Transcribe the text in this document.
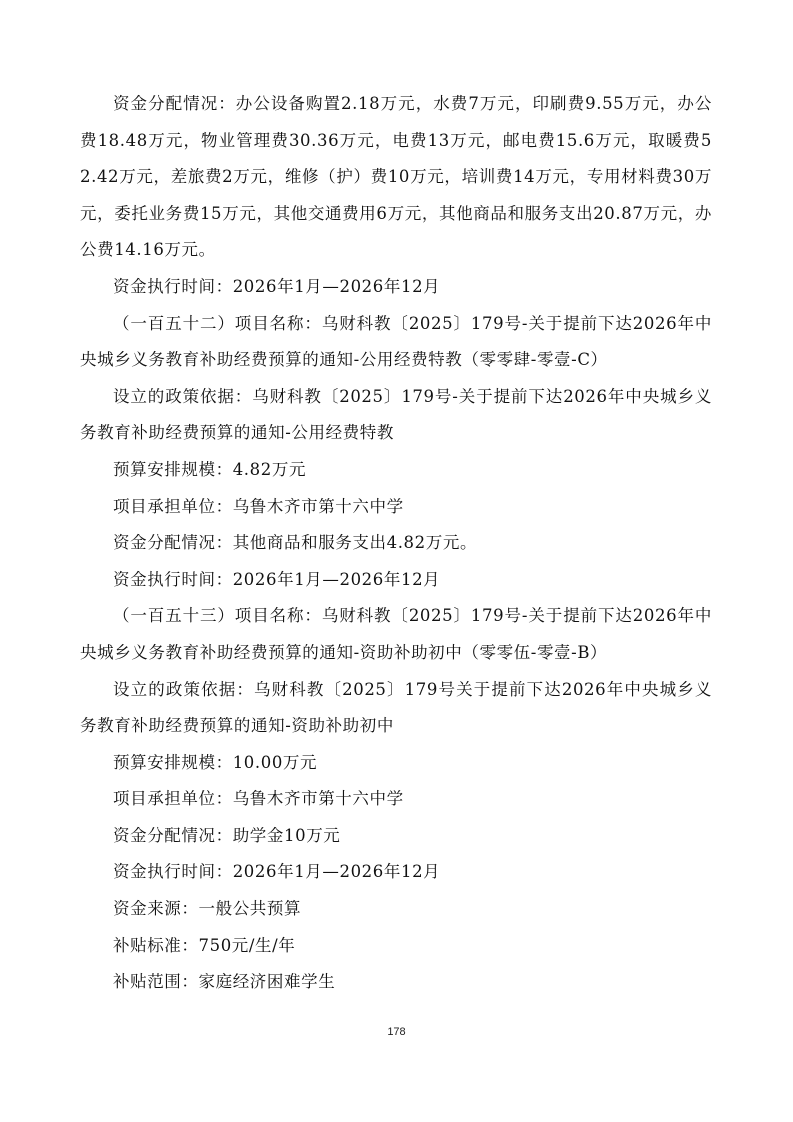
资金分配情况：办公设备购置2.18万元，水费7万元，印刷费9.55万元，办公费18.48万元，物业管理费30.36万元，电费13万元，邮电费15.6万元，取暖费52.42万元，差旅费2万元，维修（护）费10万元，培训费14万元，专用材料费30万元，委托业务费15万元，其他交通费用6万元，其他商品和服务支出20.87万元，办公费14.16万元。

资金执行时间：2026年1月—2026年12月

（一百五十二）项目名称：乌财科教〔2025〕179号-关于提前下达2026年中央城乡义务教育补助经费预算的通知-公用经费特教（零零肆-零壹-C）

设立的政策依据：乌财科教〔2025〕179号-关于提前下达2026年中央城乡义务教育补助经费预算的通知-公用经费特教

预算安排规模：4.82万元

项目承担单位：乌鲁木齐市第十六中学

资金分配情况：其他商品和服务支出4.82万元。

资金执行时间：2026年1月—2026年12月

（一百五十三）项目名称：乌财科教〔2025〕179号-关于提前下达2026年中央城乡义务教育补助经费预算的通知-资助补助初中（零零伍-零壹-B）

设立的政策依据：乌财科教〔2025〕179号关于提前下达2026年中央城乡义务教育补助经费预算的通知-资助补助初中

预算安排规模：10.00万元

项目承担单位：乌鲁木齐市第十六中学

资金分配情况：助学金10万元

资金执行时间：2026年1月—2026年12月

资金来源：一般公共预算

补贴标准：750元/生/年

补贴范围：家庭经济困难学生

178
